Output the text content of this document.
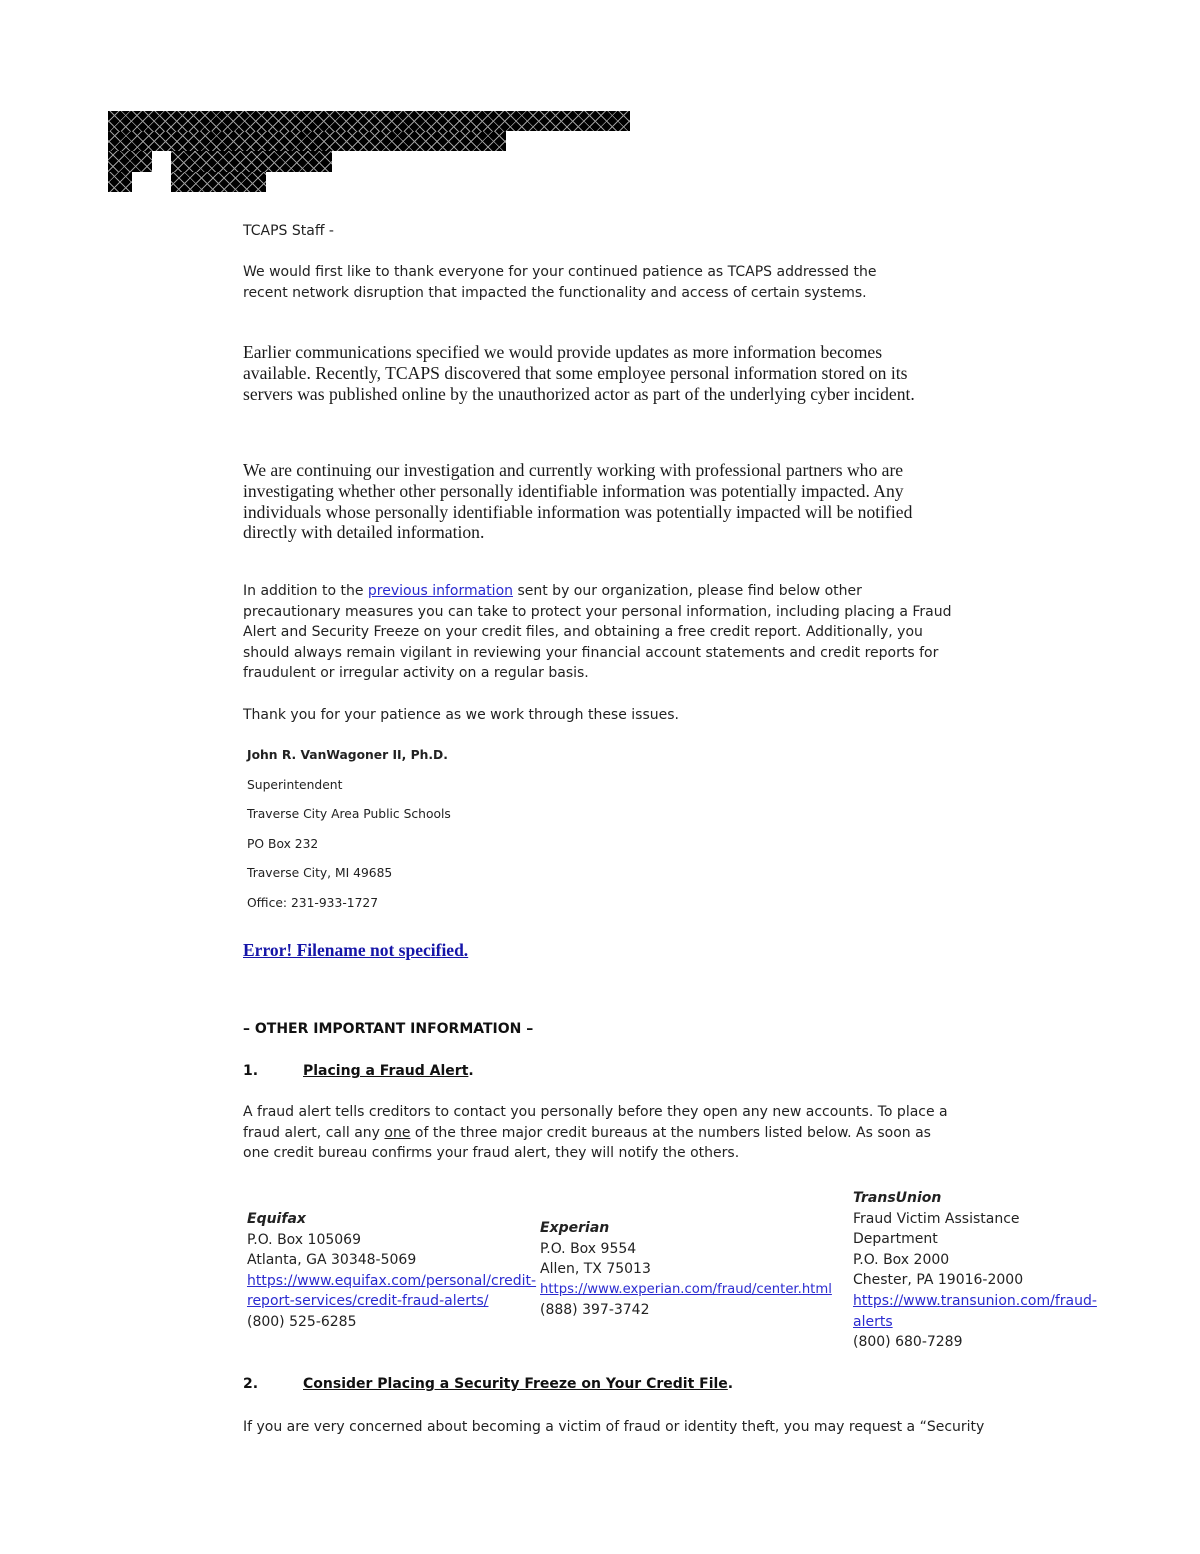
TCAPS Staff -
We would first like to thank everyone for your continued patience as TCAPS addressed the recent network disruption that impacted the functionality and access of certain systems.
Earlier communications specified we would provide updates as more information becomes available. Recently, TCAPS discovered that some employee personal information stored on its servers was published online by the unauthorized actor as part of the underlying cyber incident.
We are continuing our investigation and currently working with professional partners who are investigating whether other personally identifiable information was potentially impacted. Any individuals whose personally identifiable information was potentially impacted will be notified directly with detailed information.
In addition to the previous information sent by our organization, please find below other precautionary measures you can take to protect your personal information, including placing a Fraud Alert and Security Freeze on your credit files, and obtaining a free credit report. Additionally, you should always remain vigilant in reviewing your financial account statements and credit reports for fraudulent or irregular activity on a regular basis.
Thank you for your patience as we work through these issues.
John R. VanWagoner II, Ph.D.
Superintendent
Traverse City Area Public Schools
PO Box 232
Traverse City, MI 49685
Office: 231-933-1727
Error! Filename not specified.
– OTHER IMPORTANT INFORMATION –
1.	Placing a Fraud Alert.
A fraud alert tells creditors to contact you personally before they open any new accounts. To place a fraud alert, call any one of the three major credit bureaus at the numbers listed below. As soon as one credit bureau confirms your fraud alert, they will notify the others.
Equifax
P.O. Box 105069
Atlanta, GA 30348-5069
https://www.equifax.com/personal/credit-
report-services/credit-fraud-alerts/
(800) 525-6285
Experian
P.O. Box 9554
Allen, TX 75013
https://www.experian.com/fraud/center.html
(888) 397-3742
TransUnion
Fraud Victim Assistance
Department
P.O. Box 2000
Chester, PA 19016-2000
https://www.transunion.com/fraud-
alerts
(800) 680-7289
2.	Consider Placing a Security Freeze on Your Credit File.
If you are very concerned about becoming a victim of fraud or identity theft, you may request a “Security
